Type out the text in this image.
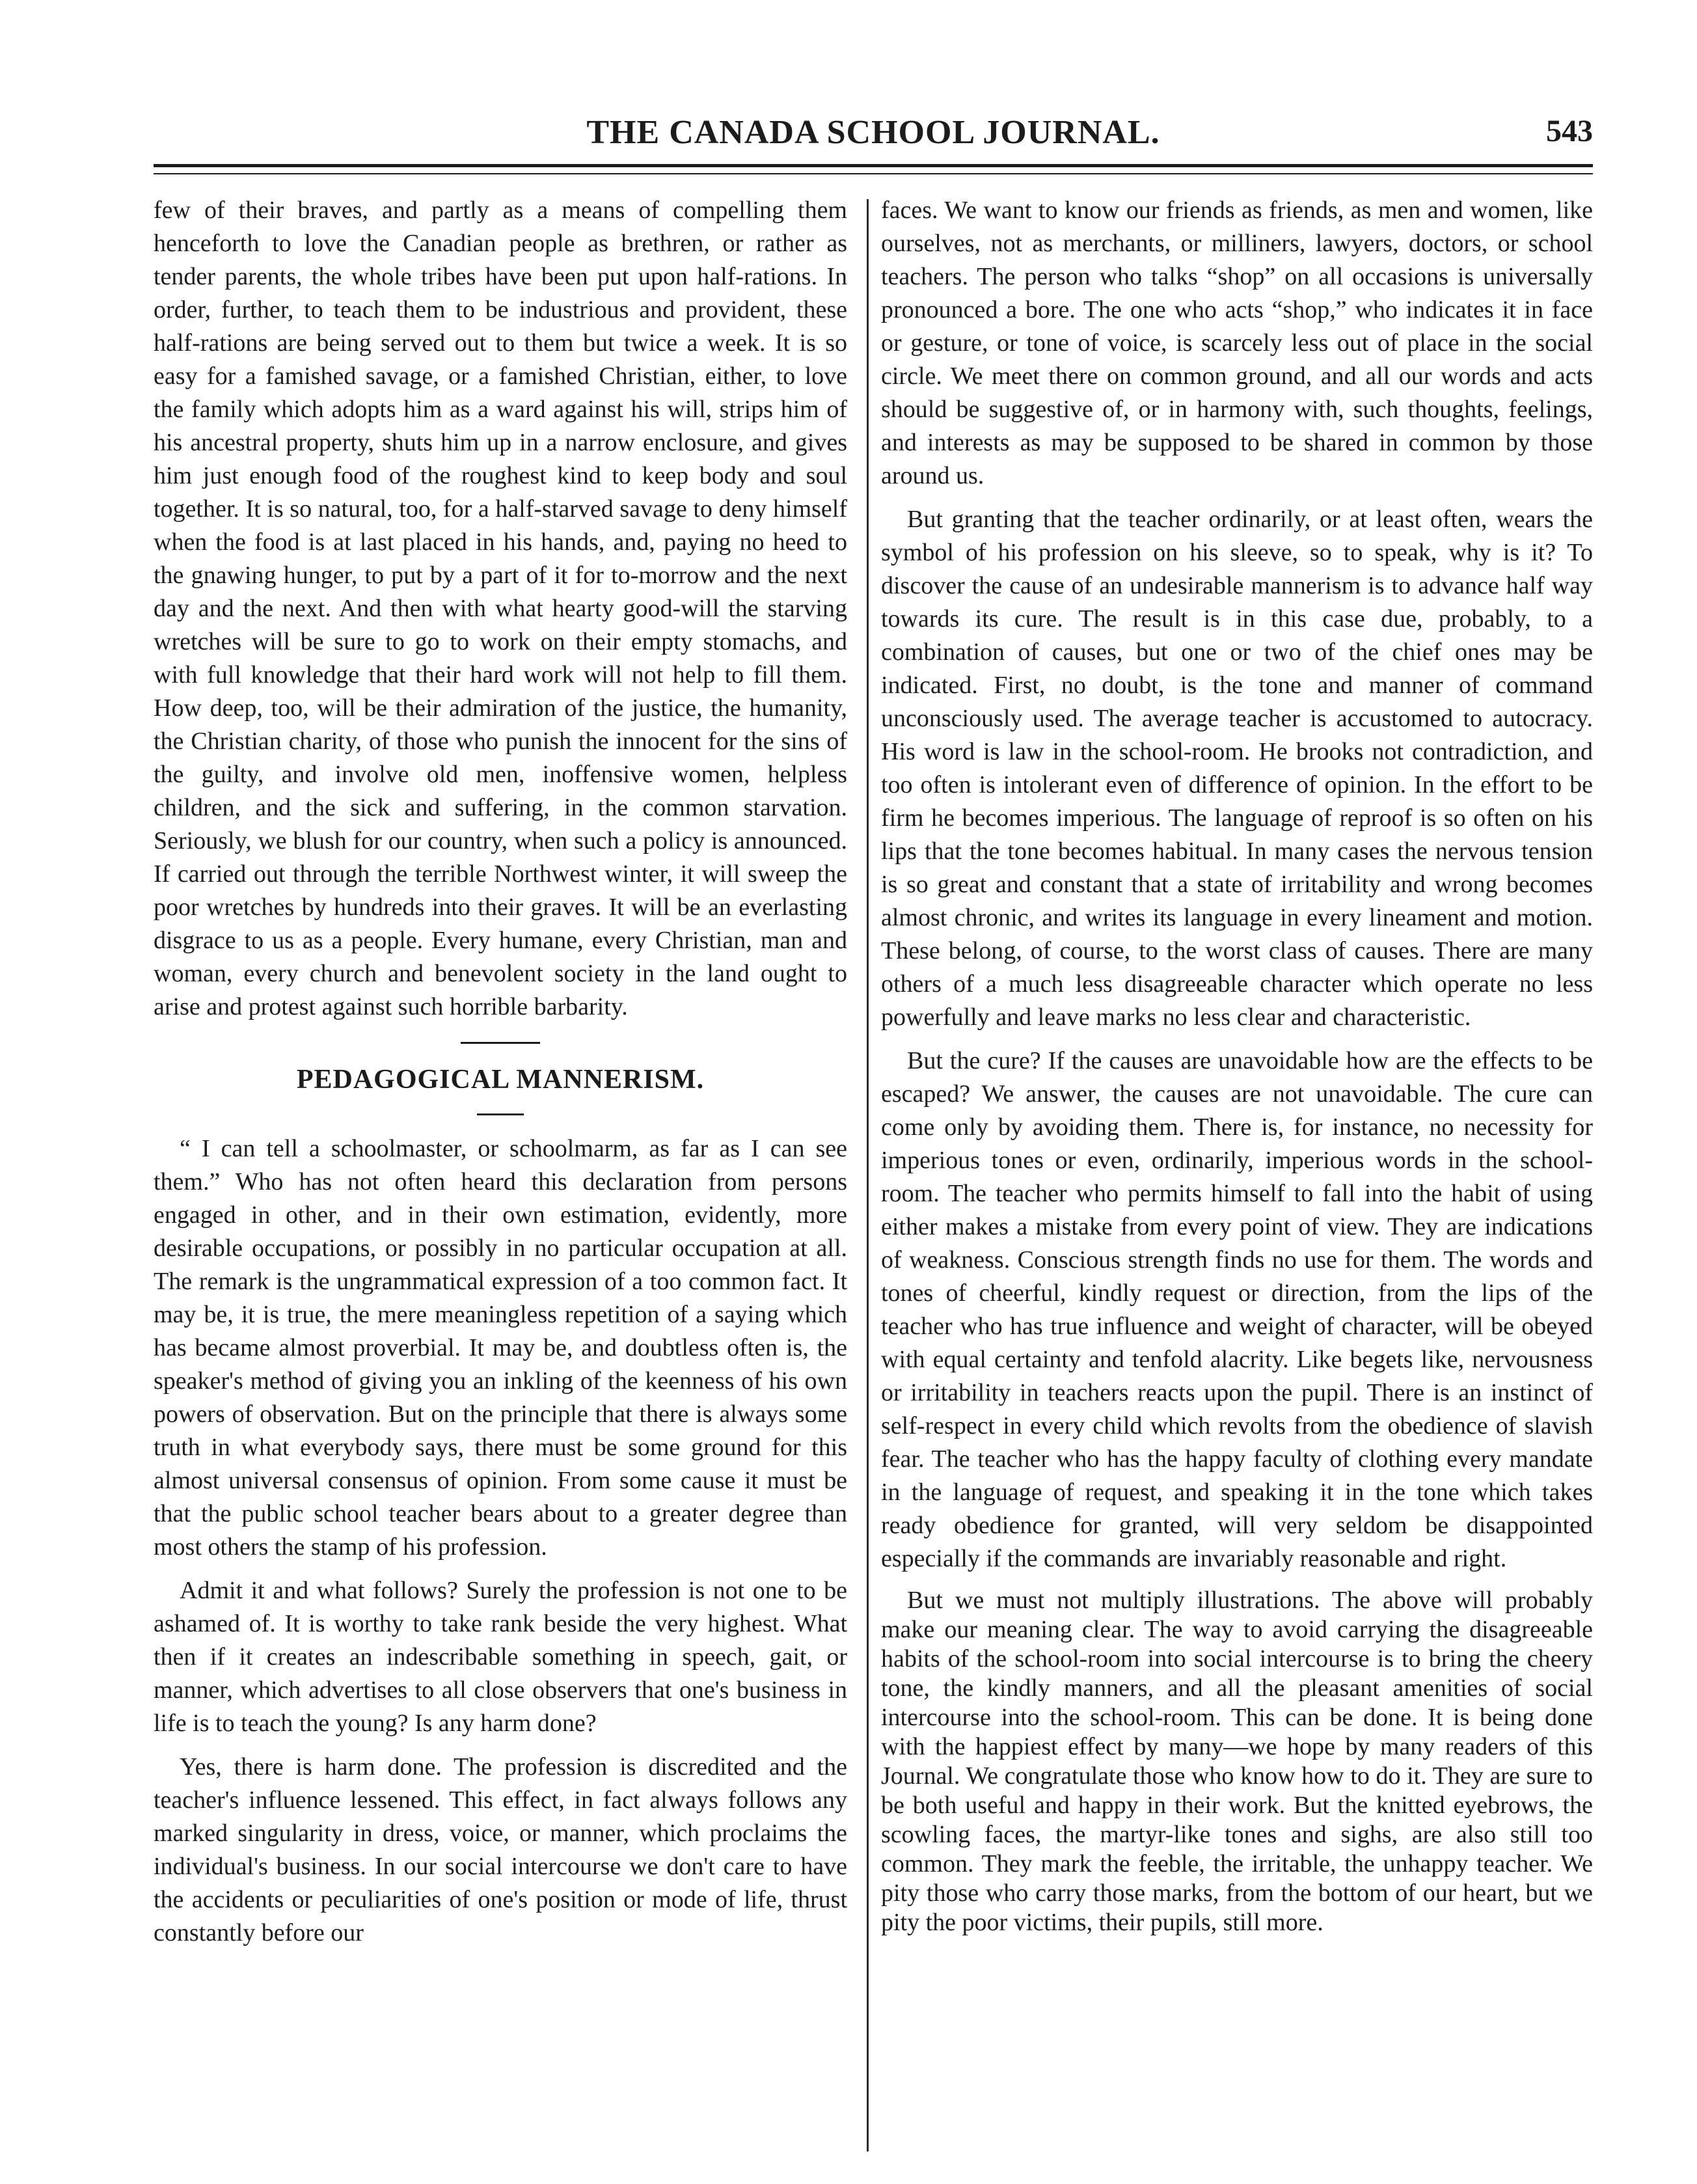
THE CANADA SCHOOL JOURNAL.	543

few of their braves, and partly as a means of compelling them henceforth to love the Canadian people as brethren, or rather as tender parents, the whole tribes have been put upon half-rations. In order, further, to teach them to be industrious and provident, these half-rations are being served out to them but twice a week. It is so easy for a famished savage, or a famished Christian, either, to love the family which adopts him as a ward against his will, strips him of his ancestral property, shuts him up in a narrow enclosure, and gives him just enough food of the roughest kind to keep body and soul together. It is so natural, too, for a half-starved savage to deny himself when the food is at last placed in his hands, and, paying no heed to the gnawing hunger, to put by a part of it for to-morrow and the next day and the next. And then with what hearty good-will the starving wretches will be sure to go to work on their empty stomachs, and with full knowledge that their hard work will not help to fill them. How deep, too, will be their admiration of the justice, the humanity, the Christian charity, of those who punish the innocent for the sins of the guilty, and involve old men, inoffensive women, helpless children, and the sick and suffering, in the common starvation. Seriously, we blush for our country, when such a policy is announced. If carried out through the terrible Northwest winter, it will sweep the poor wretches by hundreds into their graves. It will be an everlasting disgrace to us as a people. Every humane, every Christian, man and woman, every church and benevolent society in the land ought to arise and protest against such horrible barbarity.

PEDAGOGICAL MANNERISM.

“ I can tell a schoolmaster, or schoolmarm, as far as I can see them.” Who has not often heard this declaration from persons engaged in other, and in their own estimation, evidently, more desirable occupations, or possibly in no particular occupation at all. The remark is the ungrammatical expression of a too common fact. It may be, it is true, the mere meaningless repetition of a saying which has became almost proverbial. It may be, and doubtless often is, the speaker's method of giving you an inkling of the keenness of his own powers of observation. But on the principle that there is always some truth in what everybody says, there must be some ground for this almost universal consensus of opinion. From some cause it must be that the public school teacher bears about to a greater degree than most others the stamp of his profession.

Admit it and what follows? Surely the profession is not one to be ashamed of. It is worthy to take rank beside the very highest. What then if it creates an indescribable something in speech, gait, or manner, which advertises to all close observers that one's business in life is to teach the young? Is any harm done?

Yes, there is harm done. The profession is discredited and the teacher's influence lessened. This effect, in fact always follows any marked singularity in dress, voice, or manner, which proclaims the individual's business. In our social intercourse we don't care to have the accidents or peculiarities of one's position or mode of life, thrust constantly before our

faces. We want to know our friends as friends, as men and women, like ourselves, not as merchants, or milliners, lawyers, doctors, or school teachers. The person who talks “shop” on all occasions is universally pronounced a bore. The one who acts “shop,” who indicates it in face or gesture, or tone of voice, is scarcely less out of place in the social circle. We meet there on common ground, and all our words and acts should be suggestive of, or in harmony with, such thoughts, feelings, and interests as may be supposed to be shared in common by those around us.

But granting that the teacher ordinarily, or at least often, wears the symbol of his profession on his sleeve, so to speak, why is it? To discover the cause of an undesirable mannerism is to advance half way towards its cure. The result is in this case due, probably, to a combination of causes, but one or two of the chief ones may be indicated. First, no doubt, is the tone and manner of command unconsciously used. The average teacher is accustomed to autocracy. His word is law in the school-room. He brooks not contradiction, and too often is intolerant even of difference of opinion. In the effort to be firm he becomes imperious. The language of reproof is so often on his lips that the tone becomes habitual. In many cases the nervous tension is so great and constant that a state of irritability and wrong becomes almost chronic, and writes its language in every lineament and motion. These belong, of course, to the worst class of causes. There are many others of a much less disagreeable character which operate no less powerfully and leave marks no less clear and characteristic.

But the cure? If the causes are unavoidable how are the effects to be escaped? We answer, the causes are not unavoidable. The cure can come only by avoiding them. There is, for instance, no necessity for imperious tones or even, ordinarily, imperious words in the school-room. The teacher who permits himself to fall into the habit of using either makes a mistake from every point of view. They are indications of weakness. Conscious strength finds no use for them. The words and tones of cheerful, kindly request or direction, from the lips of the teacher who has true influence and weight of character, will be obeyed with equal certainty and tenfold alacrity. Like begets like, nervousness or irritability in teachers reacts upon the pupil. There is an instinct of self-respect in every child which revolts from the obedience of slavish fear. The teacher who has the happy faculty of clothing every mandate in the language of request, and speaking it in the tone which takes ready obedience for granted, will very seldom be disappointed especially if the commands are invariably reasonable and right.

But we must not multiply illustrations. The above will probably make our meaning clear. The way to avoid carrying the disagreeable habits of the school-room into social intercourse is to bring the cheery tone, the kindly manners, and all the pleasant amenities of social intercourse into the school-room. This can be done. It is being done with the happiest effect by many—we hope by many readers of this Journal. We congratulate those who know how to do it. They are sure to be both useful and happy in their work. But the knitted eyebrows, the scowling faces, the martyr-like tones and sighs, are also still too common. They mark the feeble, the irritable, the unhappy teacher. We pity those who carry those marks, from the bottom of our heart, but we pity the poor victims, their pupils, still more.
